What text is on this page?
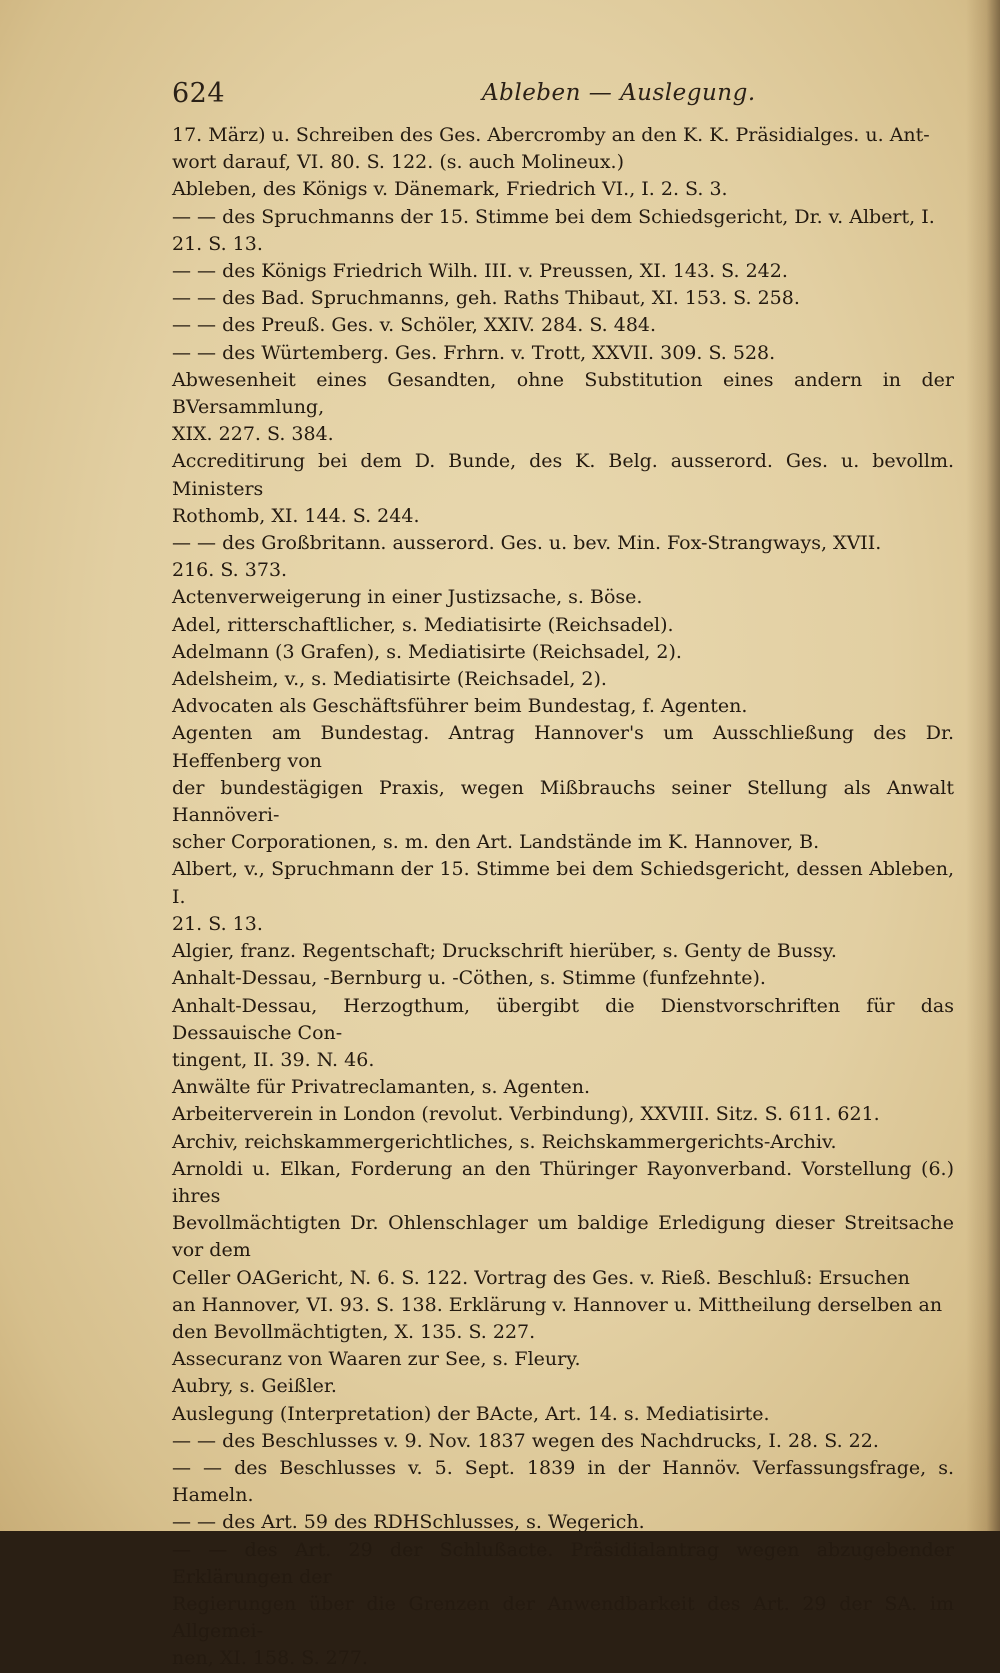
624	Ableben — Auslegung.
17. März) u. Schreiben des Ges. Abercromby an den K. K. Präsidialges. u. Ant-
wort darauf, VI. 80. S. 122. (s. auch Molineux.)
Ableben, des Königs v. Dänemark, Friedrich VI., I. 2. S. 3.
— — des Spruchmanns der 15. Stimme bei dem Schiedsgericht, Dr. v. Albert, I.
21. S. 13.
— — des Königs Friedrich Wilh. III. v. Preussen, XI. 143. S. 242.
— — des Bad. Spruchmanns, geh. Raths Thibaut, XI. 153. S. 258.
— — des Preuß. Ges. v. Schöler, XXIV. 284. S. 484.
— — des Würtemberg. Ges. Frhrn. v. Trott, XXVII. 309. S. 528.
Abwesenheit eines Gesandten, ohne Substitution eines andern in der BVersammlung,
XIX. 227. S. 384.
Accreditirung bei dem D. Bunde, des K. Belg. ausserord. Ges. u. bevollm. Ministers
Rothomb, XI. 144. S. 244.
— — des Großbritann. ausserord. Ges. u. bev. Min. Fox-Strangways, XVII.
216. S. 373.
Actenverweigerung in einer Justizsache, s. Böse.
Adel, ritterschaftlicher, s. Mediatisirte (Reichsadel).
Adelmann (3 Grafen), s. Mediatisirte (Reichsadel, 2).
Adelsheim, v., s. Mediatisirte (Reichsadel, 2).
Advocaten als Geschäftsführer beim Bundestag, f. Agenten.
Agenten am Bundestag. Antrag Hannover's um Ausschließung des Dr. Heffenberg von
der bundestägigen Praxis, wegen Mißbrauchs seiner Stellung als Anwalt Hannöveri-
scher Corporationen, s. m. den Art. Landstände im K. Hannover, B.
Albert, v., Spruchmann der 15. Stimme bei dem Schiedsgericht, dessen Ableben, I.
21. S. 13.
Algier, franz. Regentschaft; Druckschrift hierüber, s. Genty de Bussy.
Anhalt-Dessau, -Bernburg u. -Cöthen, s. Stimme (funfzehnte).
Anhalt-Dessau, Herzogthum, übergibt die Dienstvorschriften für das Dessauische Con-
tingent, II. 39. N. 46.
Anwälte für Privatreclamanten, s. Agenten.
Arbeiterverein in London (revolut. Verbindung), XXVIII. Sitz. S. 611. 621.
Archiv, reichskammergerichtliches, s. Reichskammergerichts-Archiv.
Arnoldi u. Elkan, Forderung an den Thüringer Rayonverband. Vorstellung (6.) ihres
Bevollmächtigten Dr. Ohlenschlager um baldige Erledigung dieser Streitsache vor dem
Celler OAGericht, N. 6. S. 122. Vortrag des Ges. v. Rieß. Beschluß: Ersuchen
an Hannover, VI. 93. S. 138. Erklärung v. Hannover u. Mittheilung derselben an
den Bevollmächtigten, X. 135. S. 227.
Assecuranz von Waaren zur See, s. Fleury.
Aubry, s. Geißler.
Auslegung (Interpretation) der BActe, Art. 14. s. Mediatisirte.
— — des Beschlusses v. 9. Nov. 1837 wegen des Nachdrucks, I. 28. S. 22.
— — des Beschlusses v. 5. Sept. 1839 in der Hannöv. Verfassungsfrage, s. Hameln.
— — des Art. 59 des RDHSchlusses, s. Wegerich.
— — des Art. 29 der Schlußacte. Präsidialantrag wegen abzugebender Erklärungen der
Regierungen über die Grenzen der Anwendbarkeit des Art. 29 der SA. im Allgemei-
nen, XI. 158. S. 277.
